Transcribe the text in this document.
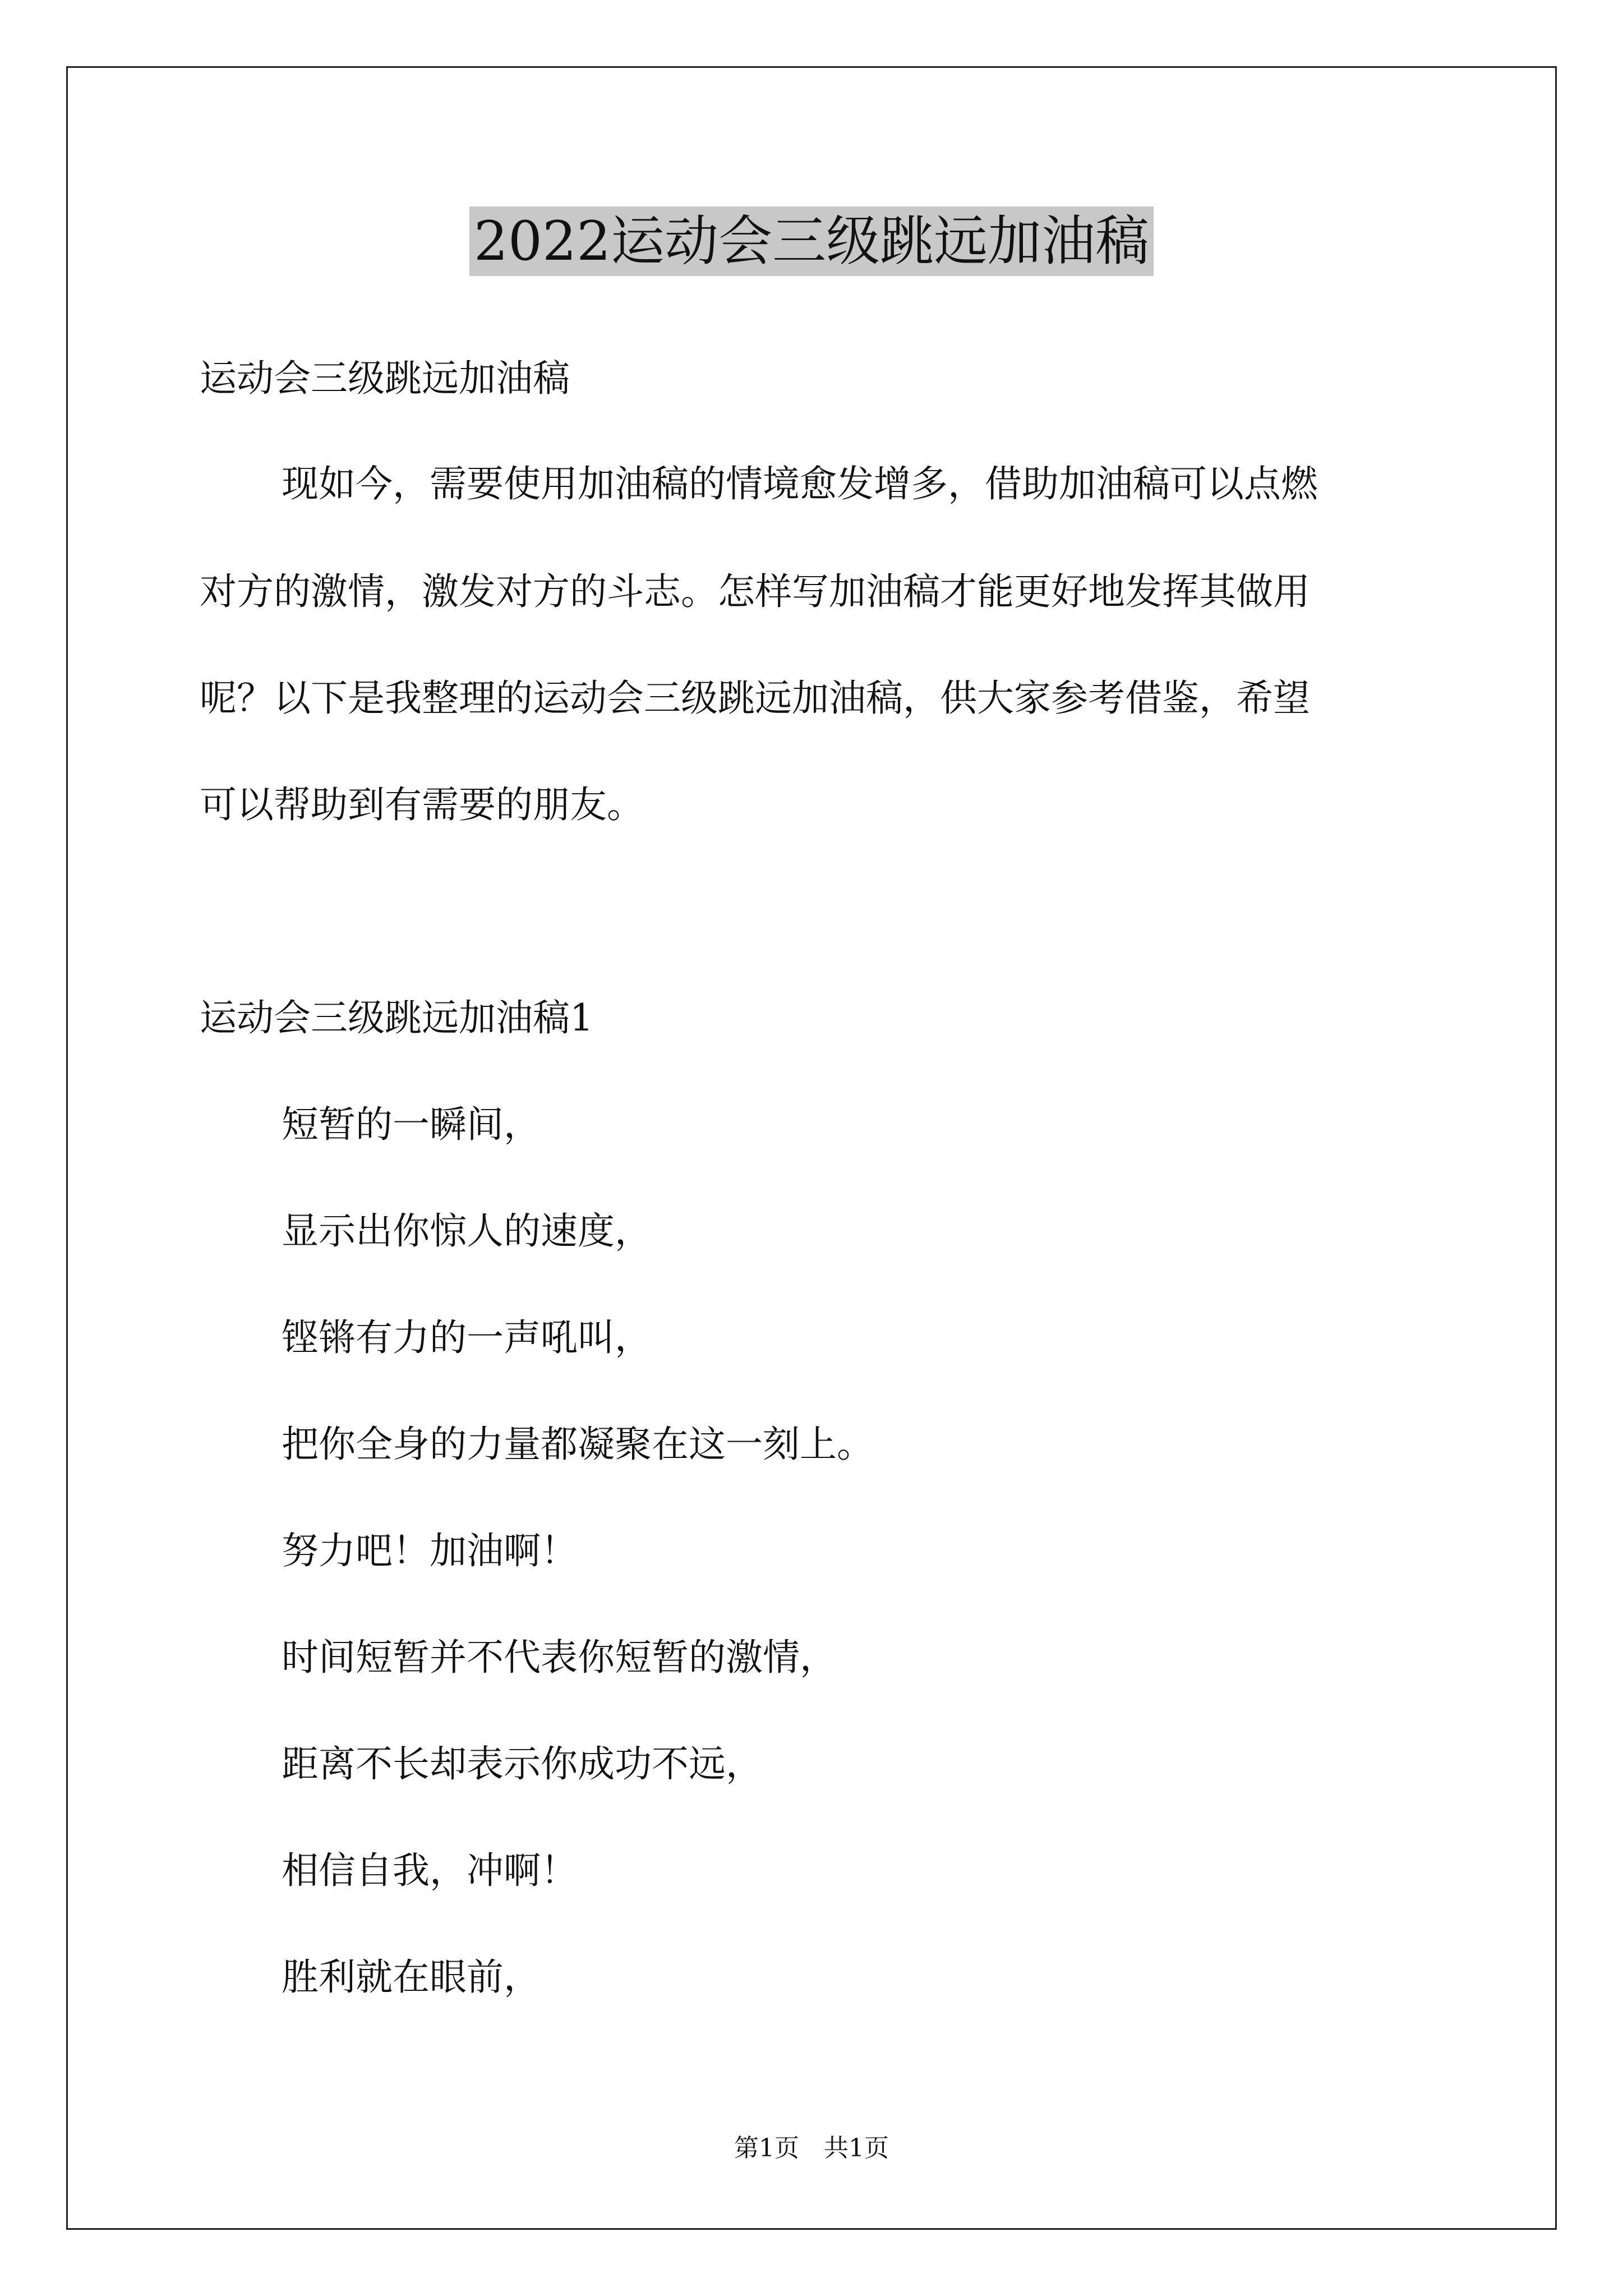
2022运动会三级跳远加油稿

运动会三级跳远加油稿

现如今，需要使用加油稿的情境愈发增多，借助加油稿可以点燃

对方的激情，激发对方的斗志。怎样写加油稿才能更好地发挥其做用

呢？以下是我整理的运动会三级跳远加油稿，供大家参考借鉴，希望

可以帮助到有需要的朋友。

运动会三级跳远加油稿1

短暂的一瞬间，

显示出你惊人的速度，

铿锵有力的一声吼叫，

把你全身的力量都凝聚在这一刻上。

努力吧！加油啊！

时间短暂并不代表你短暂的激情，

距离不长却表示你成功不远，

相信自我，冲啊！

胜利就在眼前，

第1页　共1页
